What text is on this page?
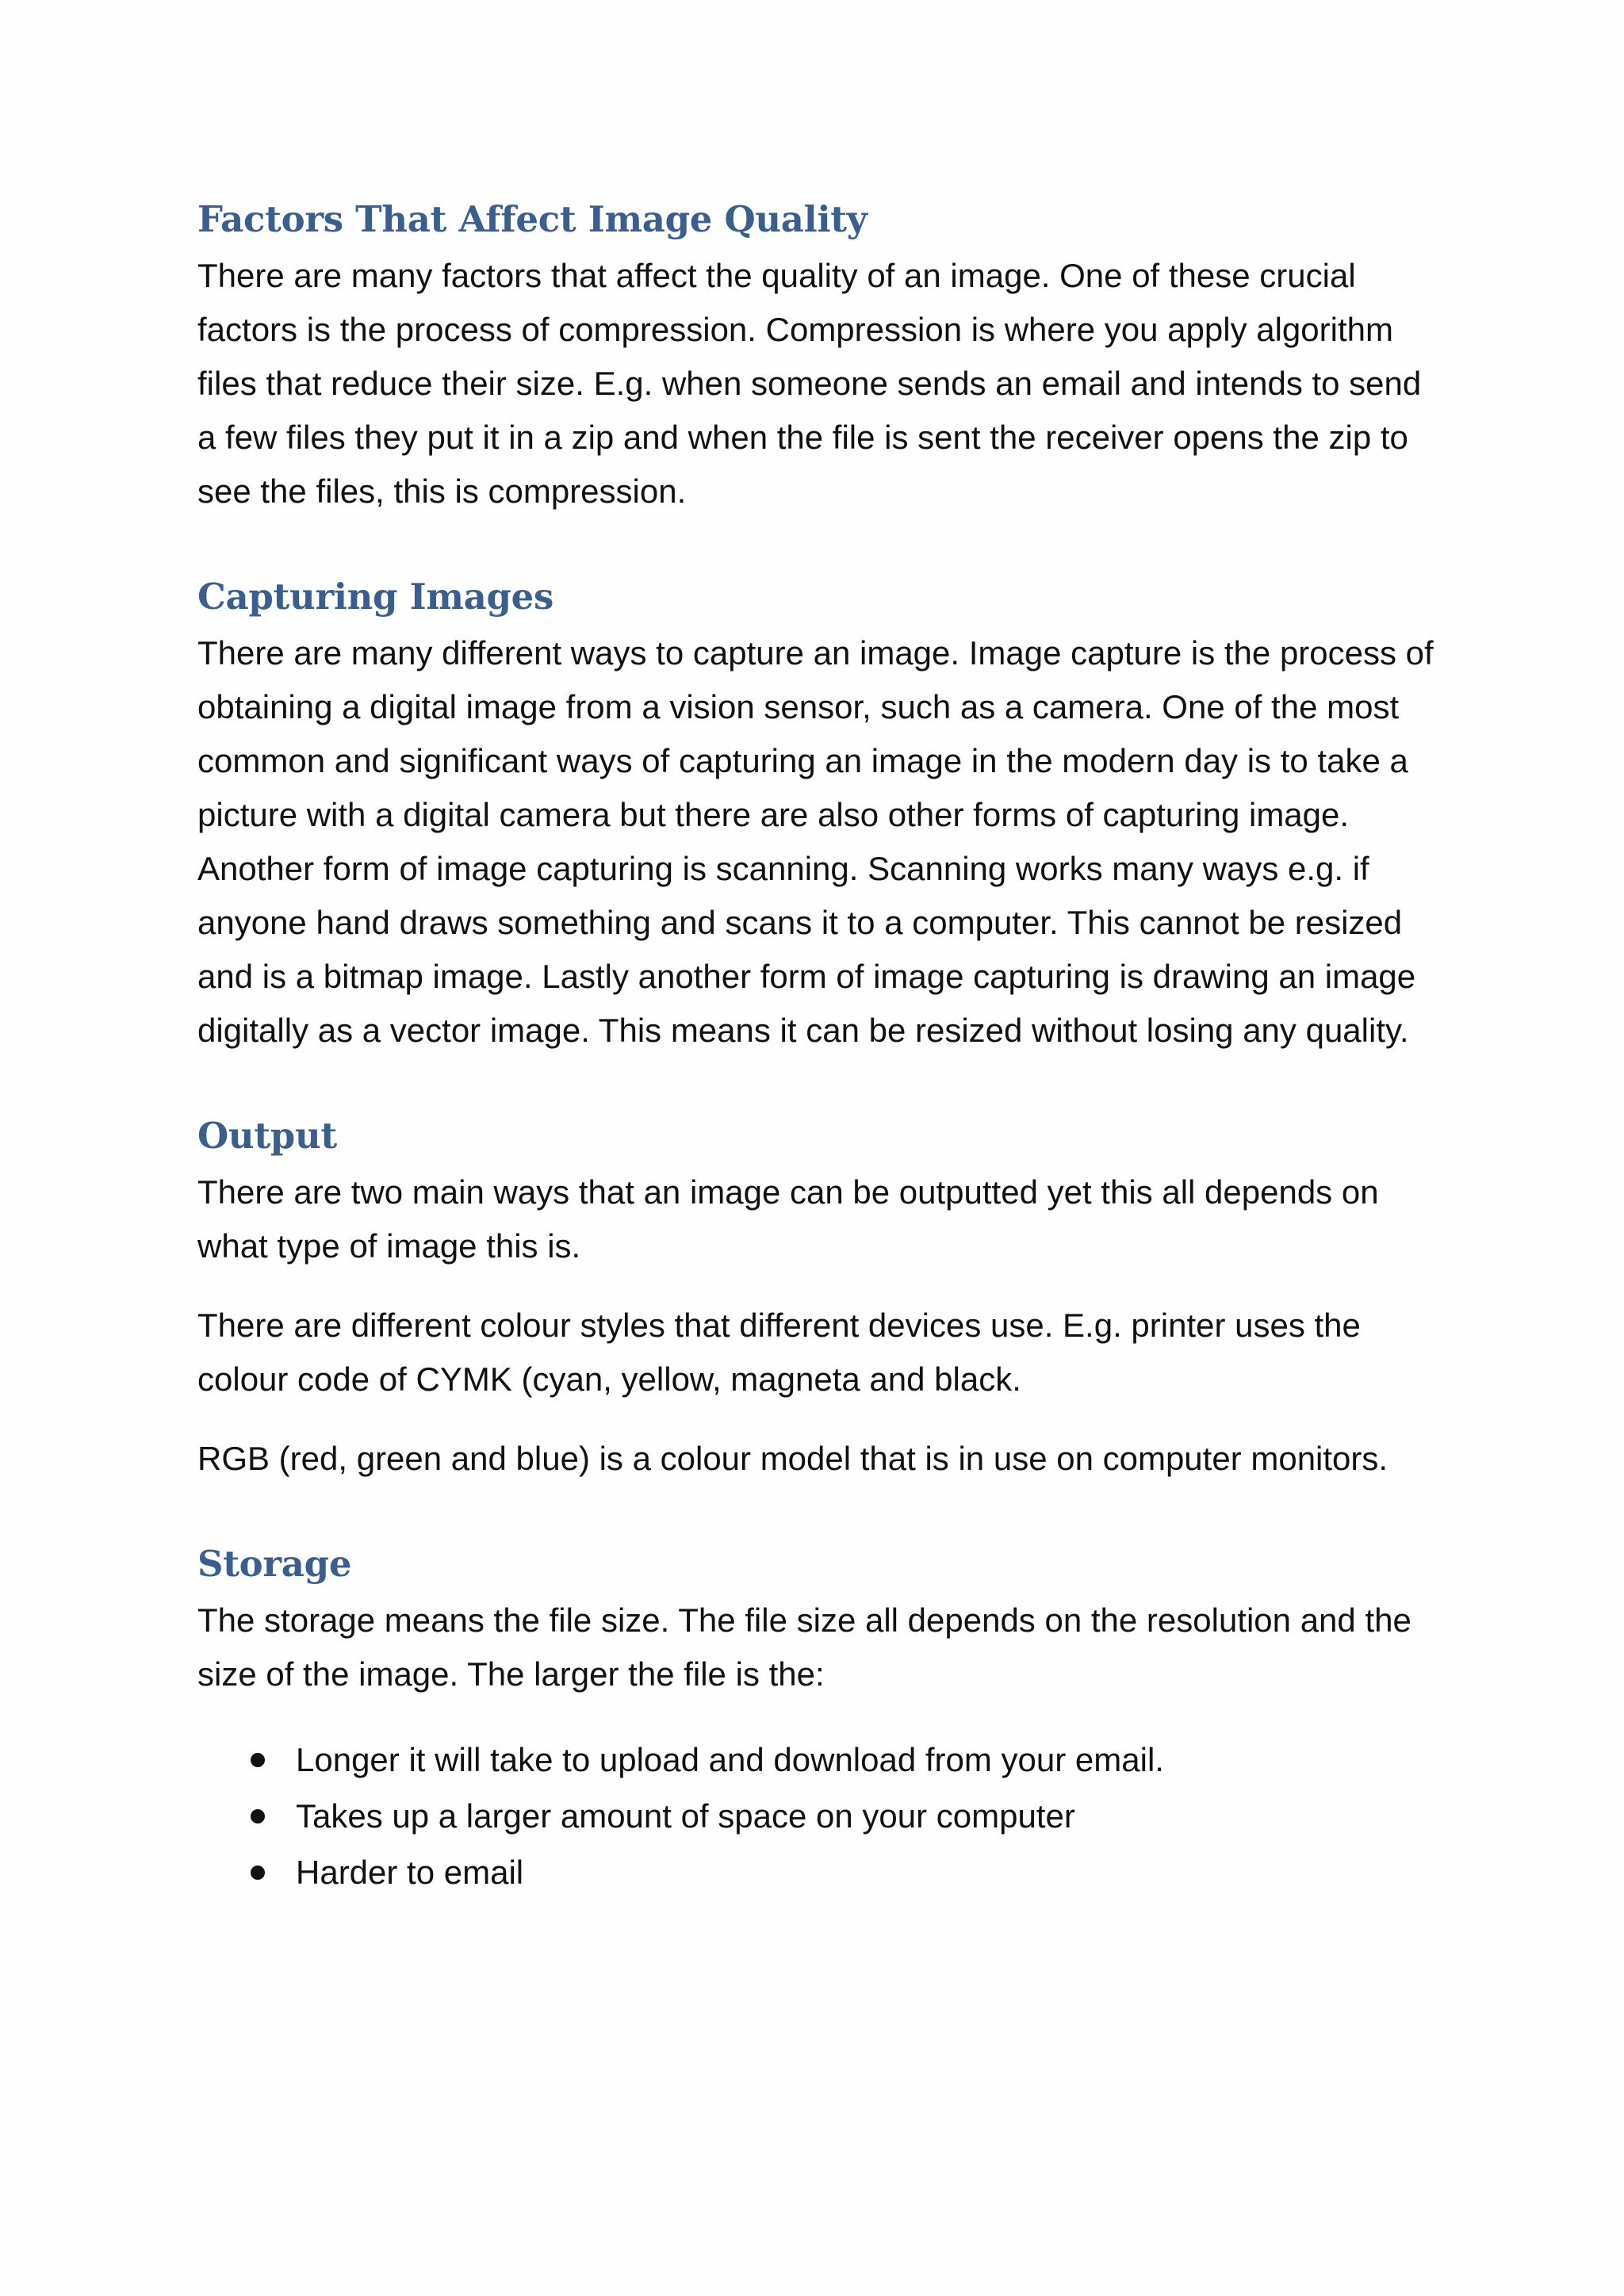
Factors That Affect Image Quality

There are many factors that affect the quality of an image. One of these crucial factors is the process of compression. Compression is where you apply algorithm files that reduce their size. E.g. when someone sends an email and intends to send a few files they put it in a zip and when the file is sent the receiver opens the zip to see the files, this is compression.

Capturing Images

There are many different ways to capture an image. Image capture is the process of obtaining a digital image from a vision sensor, such as a camera. One of the most common and significant ways of capturing an image in the modern day is to take a picture with a digital camera but there are also other forms of capturing image. Another form of image capturing is scanning. Scanning works many ways e.g. if anyone hand draws something and scans it to a computer. This cannot be resized and is a bitmap image. Lastly another form of image capturing is drawing an image digitally as a vector image. This means it can be resized without losing any quality.

Output

There are two main ways that an image can be outputted yet this all depends on what type of image this is.

There are different colour styles that different devices use. E.g. printer uses the colour code of CYMK (cyan, yellow, magneta and black.

RGB (red, green and blue) is a colour model that is in use on computer monitors.

Storage

The storage means the file size. The file size all depends on the resolution and the size of the image. The larger the file is the:

Longer it will take to upload and download from your email.
Takes up a larger amount of space on your computer
Harder to email
